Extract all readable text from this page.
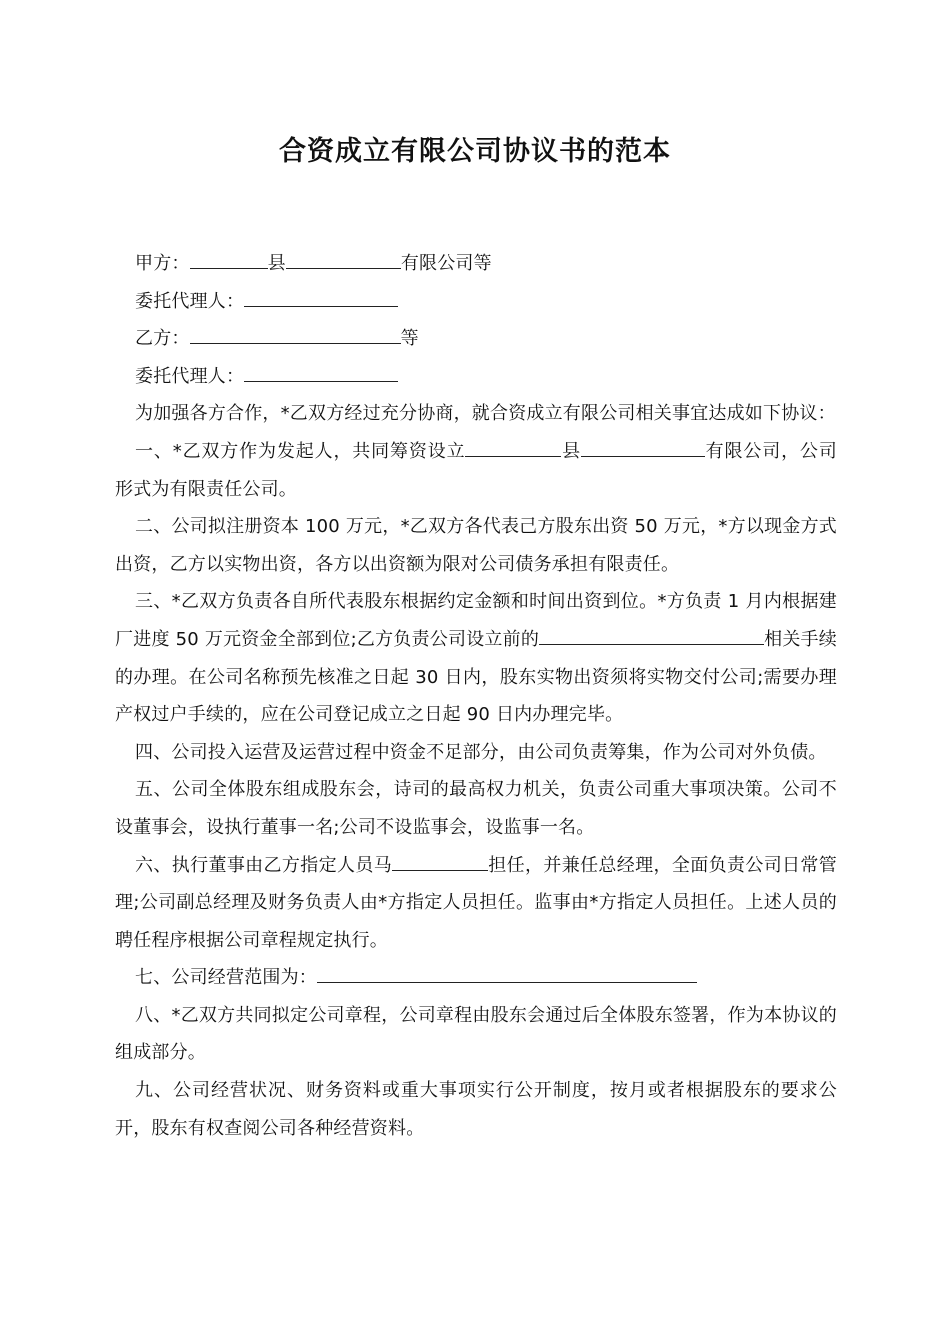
合资成立有限公司协议书的范本
甲方：	县	有限公司等
委托代理人：
乙方：	等
委托代理人：
为加强各方合作，*乙双方经过充分协商，就合资成立有限公司相关事宜达成如下协议：
一、*乙双方作为发起人，共同筹资设立	县	有限公司，公司形式为有限责任公司。
二、公司拟注册资本 100 万元，*乙双方各代表己方股东出资 50 万元，*方以现金方式出资，乙方以实物出资，各方以出资额为限对公司债务承担有限责任。
三、*乙双方负责各自所代表股东根据约定金额和时间出资到位。*方负责 1 月内根据建厂进度 50 万元资金全部到位;乙方负责公司设立前的	相关手续的办理。在公司名称预先核准之日起 30 日内，股东实物出资须将实物交付公司;需要办理产权过户手续的，应在公司登记成立之日起 90 日内办理完毕。
四、公司投入运营及运营过程中资金不足部分，由公司负责筹集，作为公司对外负债。
五、公司全体股东组成股东会，诗司的最高权力机关，负责公司重大事项决策。公司不设董事会，设执行董事一名;公司不设监事会，设监事一名。
六、执行董事由乙方指定人员马	担任，并兼任总经理，全面负责公司日常管理;公司副总经理及财务负责人由*方指定人员担任。监事由*方指定人员担任。上述人员的聘任程序根据公司章程规定执行。
七、公司经营范围为：
八、*乙双方共同拟定公司章程，公司章程由股东会通过后全体股东签署，作为本协议的组成部分。
九、公司经营状况、财务资料或重大事项实行公开制度，按月或者根据股东的要求公开，股东有权查阅公司各种经营资料。
